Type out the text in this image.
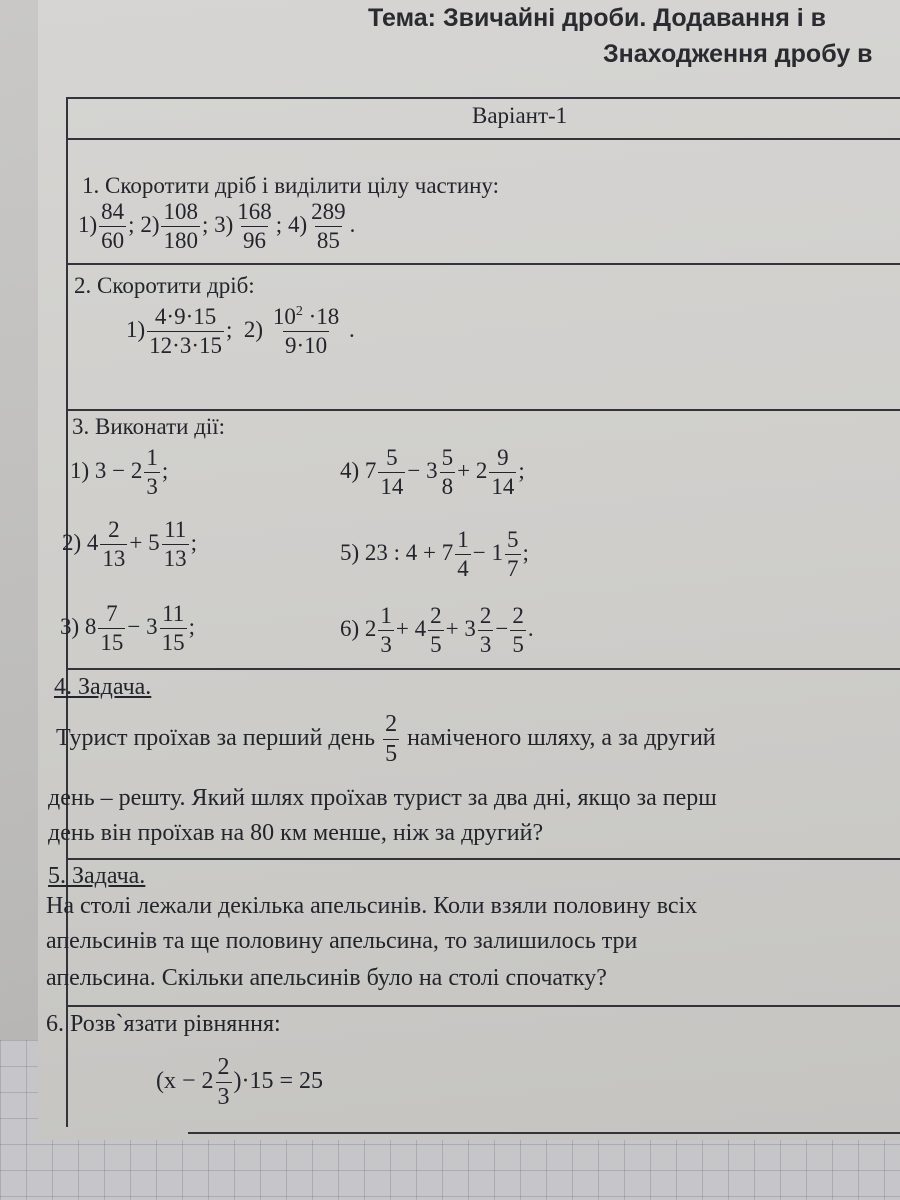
Тема: Звичайні дроби. Додавання і в
Знаходження дробу в
Варіант-1
1. Скоротити дріб і виділити цілу частину:
$1) \frac{84}{60}$ ; $2) \frac{108}{180}$ ; $3) \frac{168}{96}$ ; $4) \frac{289}{85}$ .
2. Скоротити дріб:
$1) \frac{4\cdot 9\cdot 15}{12\cdot 3\cdot 15}$ ; $2) \frac{10^2 \cdot 18}{9\cdot 10}$ .
3. Виконати дії:
1) $3 - 2 \frac{1}{3}$ ;
2) $4 \frac{2}{13} + 5 \frac{11}{13}$ ;
3) $8 \frac{7}{15} - 3 \frac{11}{15}$ ;
4) $7 \frac{5}{14} - 3 \frac{5}{8} + 2 \frac{9}{14}$ ;
5) 23 : $4 + 7 \frac{1}{4} - 1 \frac{5}{7}$ ;
6) $2 \frac{1}{3} + 4 \frac{2}{5} + 3 \frac{2}{3} - \frac{2}{5}$ .
4. Задача.
Турист проїхав за перший день $\frac{2}{5}$ наміченого шляху, а за другий
день – решту. Який шлях проїхав турист за два дні, якщо за перш
день він проїхав на 80 км менше, ніж за другий?
5. Задача.
На столі лежали декілька апельсинів. Коли взяли половину всіх
апельсинів та ще половину апельсина, то залишилось три
апельсина. Скільки апельсинів було на столі спочатку?
6. Розв`язати рівняння:
$(x - 2 \frac{2}{3} )\cdot 15 = 25$
